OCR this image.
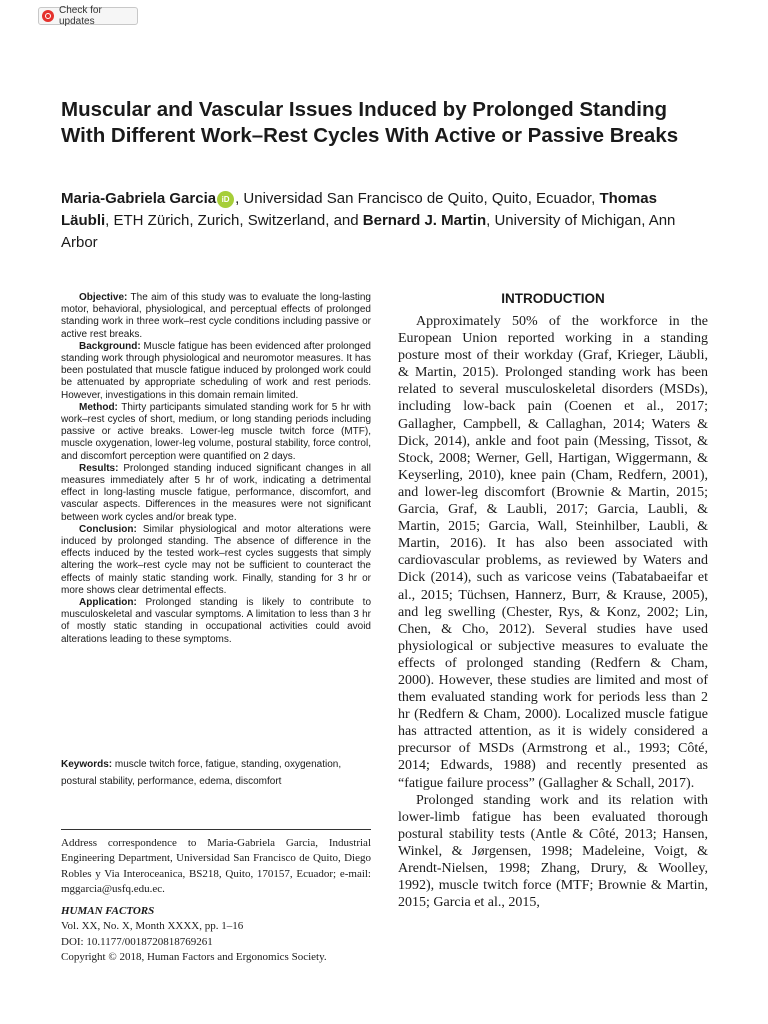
Check for updates
Muscular and Vascular Issues Induced by Prolonged Standing With Different Work–Rest Cycles With Active or Passive Breaks

Maria-Gabriela Garcia iD , Universidad San Francisco de Quito, Quito, Ecuador, Thomas Läubli, ETH Zürich, Zurich, Switzerland, and Bernard J. Martin, University of Michigan, Ann Arbor

Objective: The aim of this study was to evaluate the long-lasting motor, behavioral, physiological, and perceptual effects of prolonged standing work in three work–rest cycle conditions including passive or active rest breaks.

Background: Muscle fatigue has been evidenced after prolonged standing work through physiological and neuromotor measures. It has been postulated that muscle fatigue induced by prolonged work could be attenuated by appropriate scheduling of work and rest periods. However, investigations in this domain remain limited.

Method: Thirty participants simulated standing work for 5 hr with work–rest cycles of short, medium, or long standing periods including passive or active breaks. Lower-leg muscle twitch force (MTF), muscle oxygenation, lower-leg volume, postural stability, force control, and discomfort perception were quantified on 2 days.

Results: Prolonged standing induced significant changes in all measures immediately after 5 hr of work, indicating a detrimental effect in long-lasting muscle fatigue, performance, discomfort, and vascular aspects. Differences in the measures were not significant between work cycles and/or break type.

Conclusion: Similar physiological and motor alterations were induced by prolonged standing. The absence of difference in the effects induced by the tested work–rest cycles suggests that simply altering the work–rest cycle may not be sufficient to counteract the effects of mainly static standing work. Finally, standing for 3 hr or more shows clear detrimental effects.

Application: Prolonged standing is likely to contribute to musculoskeletal and vascular symptoms. A limitation to less than 3 hr of mostly static standing in occupational activities could avoid alterations leading to these symptoms.

Keywords: muscle twitch force, fatigue, standing, oxygenation, postural stability, performance, edema, discomfort

Address correspondence to Maria-Gabriela Garcia, Industrial Engineering Department, Universidad San Francisco de Quito, Diego Robles y Via Interoceanica, BS218, Quito, 170157, Ecuador; e-mail: mggarcia@usfq.edu.ec.

HUMAN FACTORS
Vol. XX, No. X, Month XXXX, pp. 1–16
DOI: 10.1177/0018720818769261
Copyright © 2018, Human Factors and Ergonomics Society.
INTRODUCTION

Approximately 50% of the workforce in the European Union reported working in a standing posture most of their workday (Graf, Krieger, Läubli, & Martin, 2015). Prolonged standing work has been related to several musculoskeletal disorders (MSDs), including low-back pain (Coenen et al., 2017; Gallagher, Campbell, & Callaghan, 2014; Waters & Dick, 2014), ankle and foot pain (Messing, Tissot, & Stock, 2008; Werner, Gell, Hartigan, Wiggermann, & Keyserling, 2010), knee pain (Cham, Redfern, 2001), and lower-leg discomfort (Brownie & Martin, 2015; Garcia, Graf, & Laubli, 2017; Garcia, Laubli, & Martin, 2015; Garcia, Wall, Steinhilber, Laubli, & Martin, 2016). It has also been associated with cardiovascular problems, as reviewed by Waters and Dick (2014), such as varicose veins (Tabatabaeifar et al., 2015; Tüchsen, Hannerz, Burr, & Krause, 2005), and leg swelling (Chester, Rys, & Konz, 2002; Lin, Chen, & Cho, 2012). Several studies have used physiological or subjective measures to evaluate the effects of prolonged standing (Redfern & Cham, 2000). However, these studies are limited and most of them evaluated standing work for periods less than 2 hr (Redfern & Cham, 2000). Localized muscle fatigue has attracted attention, as it is widely considered a precursor of MSDs (Armstrong et al., 1993; Côté, 2014; Edwards, 1988) and recently presented as “fatigue failure process” (Gallagher & Schall, 2017).

Prolonged standing work and its relation with lower-limb fatigue has been evaluated thorough postural stability tests (Antle & Côté, 2013; Hansen, Winkel, & Jørgensen, 1998; Madeleine, Voigt, & Arendt-Nielsen, 1998; Zhang, Drury, & Woolley, 1992), muscle twitch force (MTF; Brownie & Martin, 2015; Garcia et al., 2015,
